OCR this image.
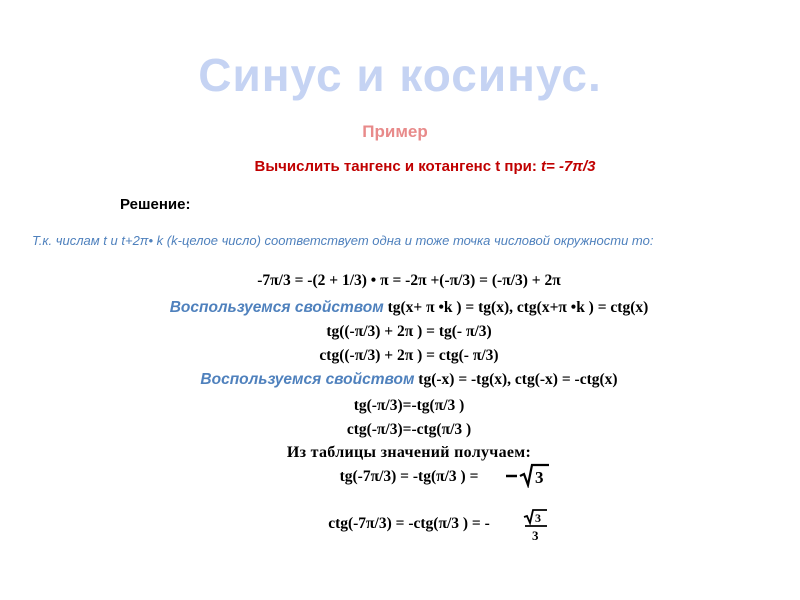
Синус и косинус.
Пример
Вычислить тангенс и котангенс t при: t= -7π/3
Решение:
Т.к. числам t и t+2π• k (k-целое число) соответствует одна и тоже точка числовой окружности то:
-7π/3 = -(2 + 1/3) • π = -2π +(-π/3) = (-π/3) + 2π
Воспользуемся свойством tg(x+ π •k ) = tg(x), ctg(x+π •k ) = ctg(x)
tg((-π/3) + 2π ) = tg(- π/3)
ctg((-π/3) + 2π ) = ctg(- π/3)
Воспользуемся свойством tg(-x) = -tg(x), ctg(-x) = -ctg(x)
tg(-π/3)=-tg(π/3 )
ctg(-π/3)=-ctg(π/3 )
Из таблицы значений получаем:
tg(-7π/3) = -tg(π/3 ) =	3
ctg(-7π/3) = -ctg(π/3 ) = -	3
3
